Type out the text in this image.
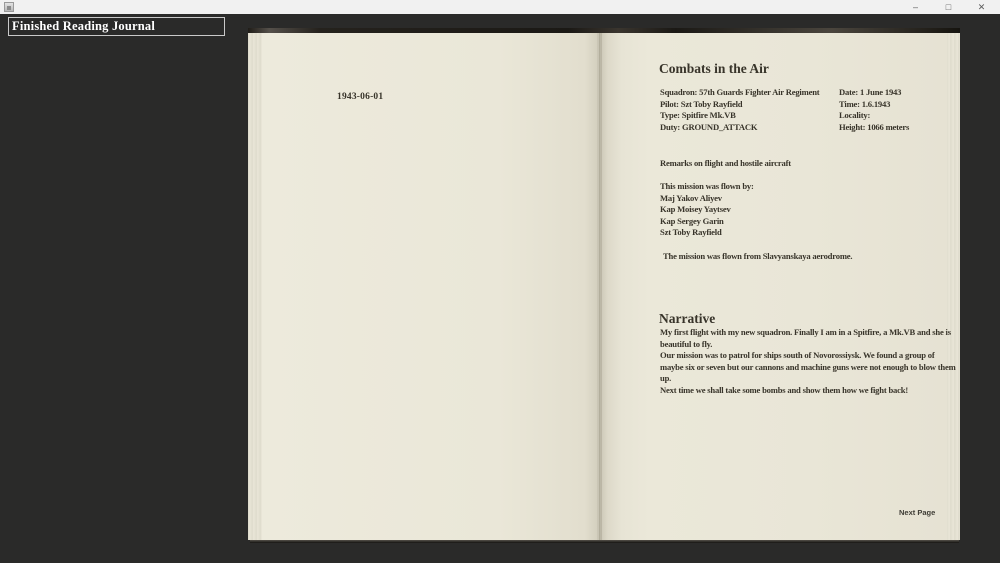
–	□	✕
Finished Reading Journal
1943-06-01
Combats in the Air
Squadron: 57th Guards Fighter Air Regiment
Pilot: Szt Toby Rayfield
Type: Spitfire Mk.VB
Duty: GROUND_ATTACK
Date: 1 June 1943
Time: 1.6.1943
Locality:
Height: 1066 meters
Remarks on flight and hostile aircraft
This mission was flown by:
Maj Yakov Aliyev
Kap Moisey Yaytsev
Kap Sergey Garin
Szt Toby Rayfield
The mission was flown from Slavyanskaya aerodrome.
Narrative
My first flight with my new squadron. Finally I am in a Spitfire, a Mk.VB and she is beautiful to fly.
Our mission was to patrol for ships south of Novorossiysk. We found a group of maybe six or seven but our cannons and machine guns were not enough to blow them up.
Next time we shall take some bombs and show them how we fight back!
Next Page
